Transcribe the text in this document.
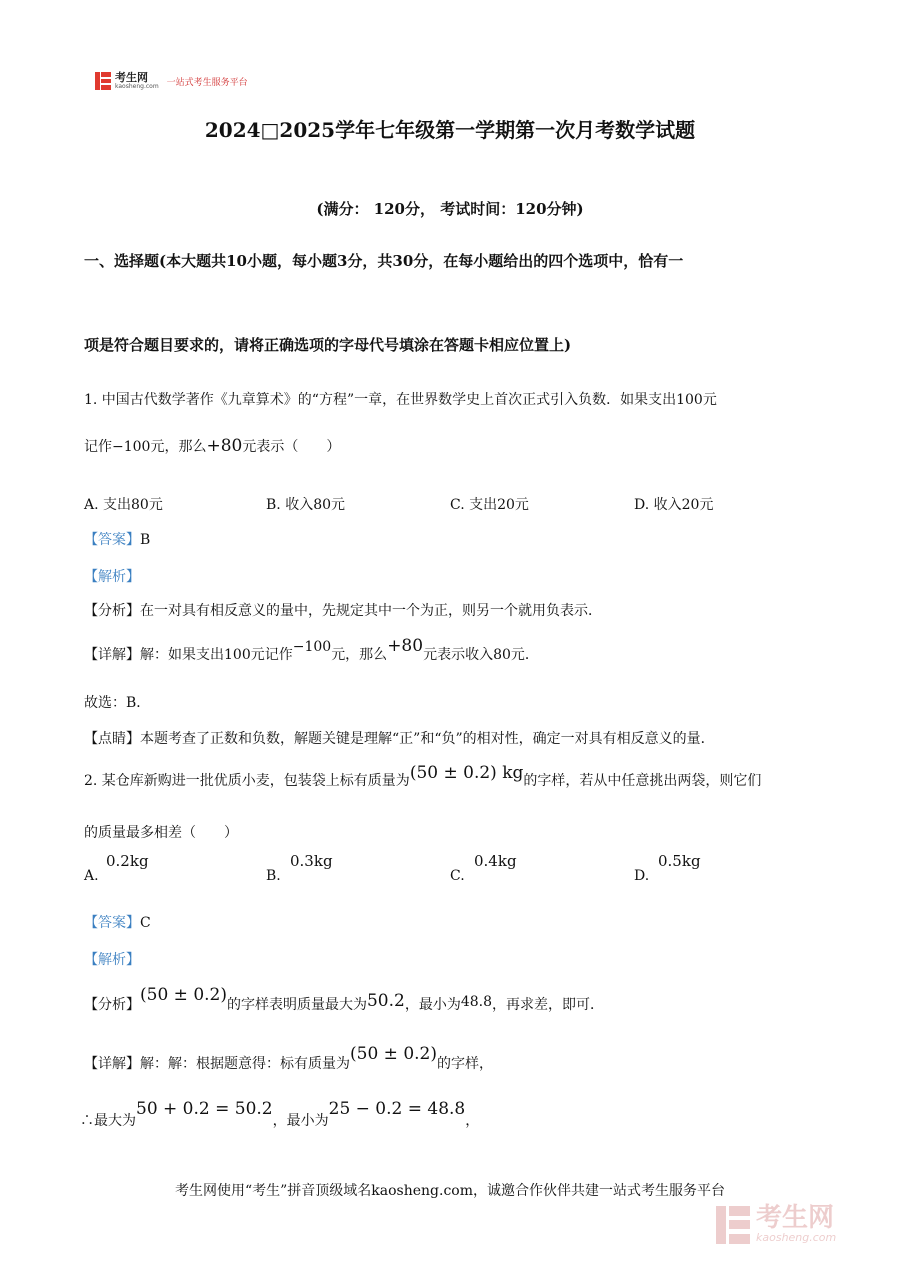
考生网
kaosheng.com 一站式考生服务平台
2024□2025学年七年级第一学期第一次月考数学试题
(满分： 120分， 考试时间：120分钟)
一、选择题(本大题共10小题，每小题3分，共30分，在每小题给出的四个选项中，恰有一
项是符合题目要求的，请将正确选项的字母代号填涂在答题卡相应位置上)
1. 中国古代数学著作《九章算术》的“方程”一章，在世界数学史上首次正式引入负数．如果支出100元
记作−100元，那么+80元表示（　　）
A. 支出80元	B. 收入80元	C. 支出20元	D. 收入20元
【答案】B
【解析】
【分析】在一对具有相反意义的量中，先规定其中一个为正，则另一个就用负表示．
【详解】解：如果支出100元记作−100元，那么+80元表示收入80元．
故选：B．
【点睛】本题考查了正数和负数，解题关键是理解“正”和“负”的相对性，确定一对具有相反意义的量．
2. 某仓库新购进一批优质小麦，包装袋上标有质量为(50 ± 0.2) kg的字样，若从中任意挑出两袋，则它们
的质量最多相差（　　）
A.
0.2kg
B.
0.3kg
C.
0.4kg
D.
0.5kg
【答案】C
【解析】
【分析】(50 ± 0.2)的字样表明质量最大为50.2，最小为48.8，再求差，即可．
【详解】解：解：根据题意得：标有质量为(50 ± 0.2)的字样，
∴最大为50 + 0.2 = 50.2，最小为25 − 0.2 = 48.8，
考生网使用“考生”拼音顶级域名kaosheng.com，诚邀合作伙伴共建一站式考生服务平台
考生网
kaosheng.com
